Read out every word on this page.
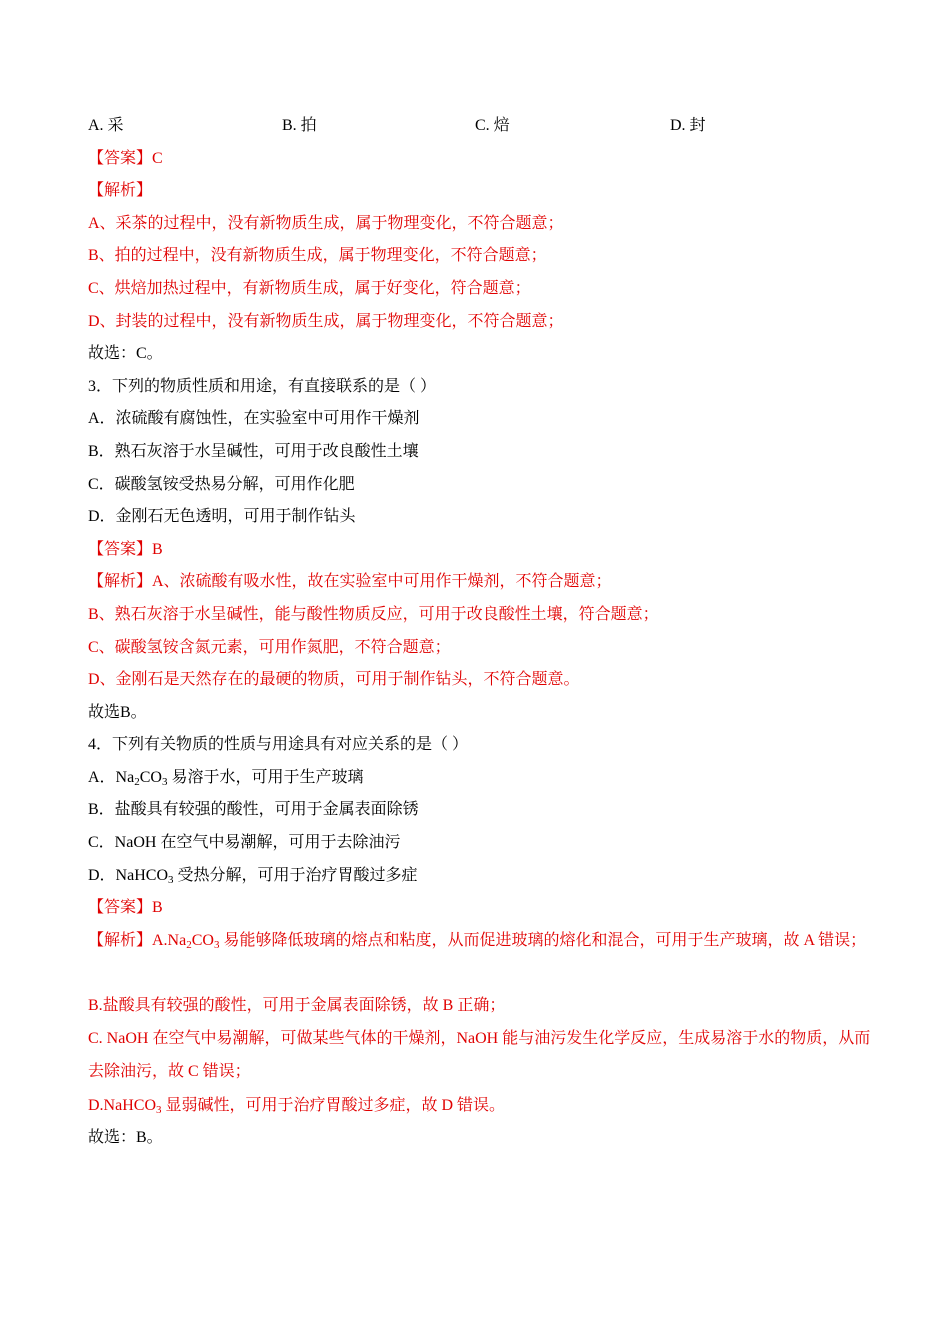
A. 采	B. 拍	C. 焙	D. 封
【答案】C
【解析】
A、采茶的过程中，没有新物质生成，属于物理变化，不符合题意；
B、拍的过程中，没有新物质生成，属于物理变化，不符合题意；
C、烘焙加热过程中，有新物质生成，属于好变化，符合题意；
D、封装的过程中，没有新物质生成，属于物理变化，不符合题意；
故选：C。
3．下列的物质性质和用途，有直接联系的是（ ）
A．浓硫酸有腐蚀性，在实验室中可用作干燥剂
B．熟石灰溶于水呈碱性，可用于改良酸性土壤
C．碳酸氢铵受热易分解，可用作化肥
D．金刚石无色透明，可用于制作钻头
【答案】B
【解析】A、浓硫酸有吸水性，故在实验室中可用作干燥剂，不符合题意；
B、熟石灰溶于水呈碱性，能与酸性物质反应，可用于改良酸性土壤，符合题意；
C、碳酸氢铵含氮元素，可用作氮肥，不符合题意；
D、金刚石是天然存在的最硬的物质，可用于制作钻头，不符合题意。
故选B。
4．下列有关物质的性质与用途具有对应关系的是（ ）
A．$Na_2CO_3$ 易溶于水，可用于生产玻璃
B．盐酸具有较强的酸性，可用于金属表面除锈
C．NaOH 在空气中易潮解，可用于去除油污
D．NaHCO$_3$ 受热分解，可用于治疗胃酸过多症
【答案】B
【解析】$A.Na_2CO_3$ 易能够降低玻璃的熔点和粘度，从而促进玻璃的熔化和混合，可用于生产玻璃，故 A 错误；
B.盐酸具有较强的酸性，可用于金属表面除锈，故 B 正确；
C. NaOH 在空气中易潮解，可做某些气体的干燥剂，NaOH 能与油污发生化学反应，生成易溶于水的物质，从而去除油污，故 C 错误；
D.NaHCO$_3$ 显弱碱性，可用于治疗胃酸过多症，故 D 错误。
故选：B。
